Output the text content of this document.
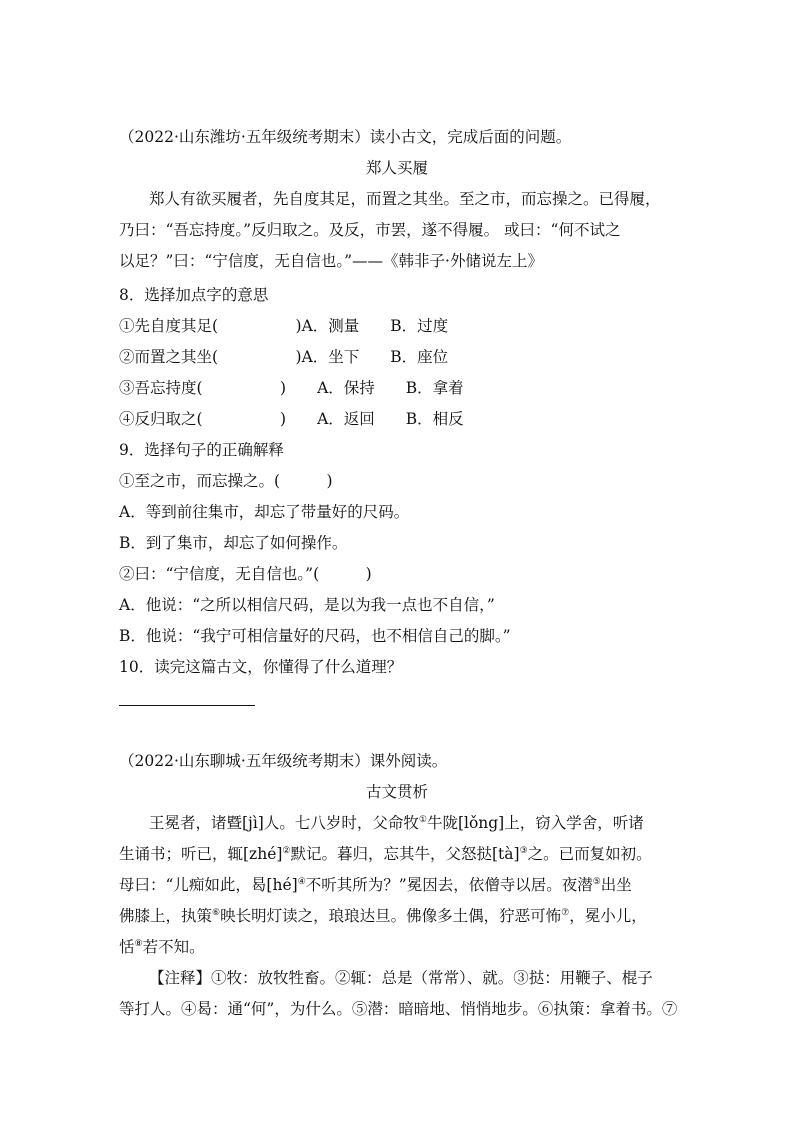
（2022·山东潍坊·五年级统考期末）读小古文，完成后面的问题。
郑人买履
郑人有欲买履者，先自度其足，而置之其坐。至之市，而忘操之。已得履，
乃曰：“吾忘持度。”反归取之。及反，市罢，遂不得履。 或曰：“何不试之
以足？”曰：“宁信度，无自信也。”——《韩非子·外储说左上》
8．选择加点字的意思
①先自度其足(　　　　　)A．测量　　B．过度
②而置之其坐(　　　　　)A．坐下　　B．座位
③吾忘持度(　　　　　)　　A．保持　　B．拿着
④反归取之(　　　　　)　　A．返回　　B．相反
9．选择句子的正确解释
①至之市，而忘操之。(　　　)
A．等到前往集市，却忘了带量好的尺码。
B．到了集市，却忘了如何操作。
②曰：“宁信度，无自信也。”(　　　)
A．他说：“之所以相信尺码，是以为我一点也不自信，”
B．他说：“我宁可相信量好的尺码，也不相信自己的脚。”
10．读完这篇古文，你懂得了什么道理？
（2022·山东聊城·五年级统考期末）课外阅读。
古文贯析
王冕者，诸暨[jì]人。七八岁时，父命牧①牛陇[lǒng]上，窃入学舍，听诸
生诵书；听已，辄[zhé]②默记。暮归，忘其牛，父怒挞[tà]③之。已而复如初。
母曰：“儿痴如此，曷[hé]④不听其所为？”冕因去，依僧寺以居。夜潜⑤出坐
佛膝上，执策⑥映长明灯读之，琅琅达旦。佛像多土偶，狞恶可怖⑦，冕小儿，
恬⑧若不知。
【注释】①牧：放牧牲畜。②辄：总是（常常）、就。③挞：用鞭子、棍子
等打人。④曷：通“何”，为什么。⑤潜：暗暗地、悄悄地步。⑥执策：拿着书。⑦
